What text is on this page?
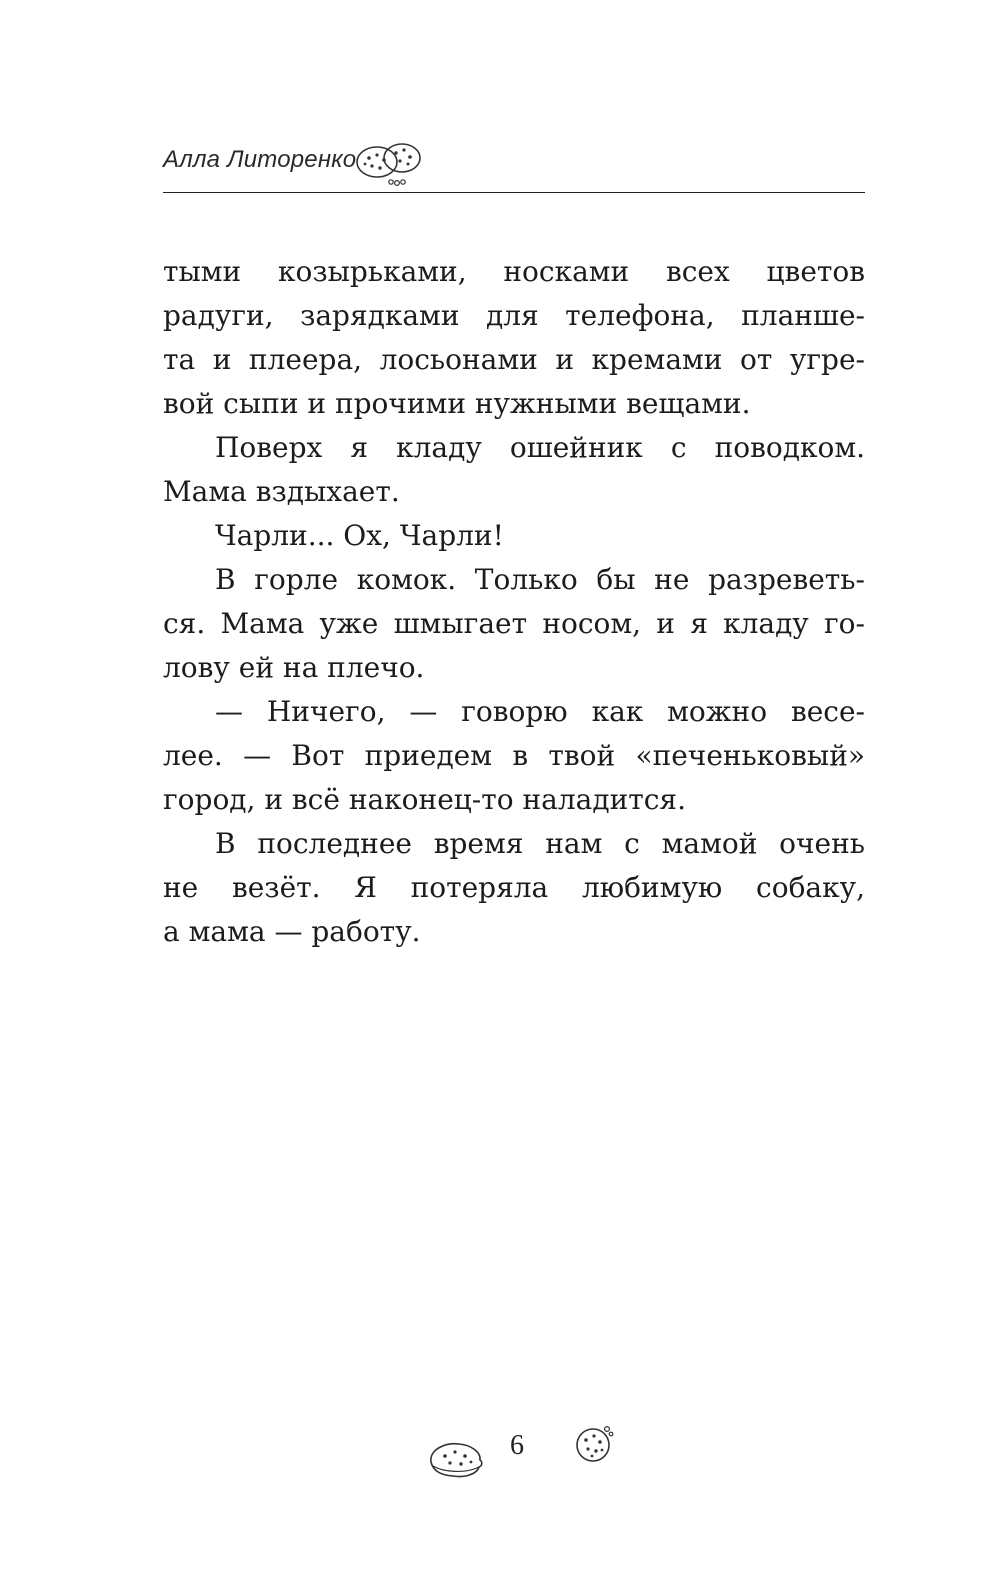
Алла Литоренко
тыми козырьками, носками всех цветов
радуги, зарядками для телефона, планше-
та и плеера, лосьонами и кремами от угре-
вой сыпи и прочими нужными вещами.
Поверх я кладу ошейник с поводком.
Мама вздыхает.
Чарли... Ох, Чарли!
В горле комок. Только бы не разреветь-
ся. Мама уже шмыгает носом, и я кладу го-
лову ей на плечо.
— Ничего, — говорю как можно весе-
лее. — Вот приедем в твой «печеньковый»
город, и всё наконец-то наладится.
В последнее время нам с мамой очень
не везёт. Я потеряла любимую собаку,
а мама — работу.
6
